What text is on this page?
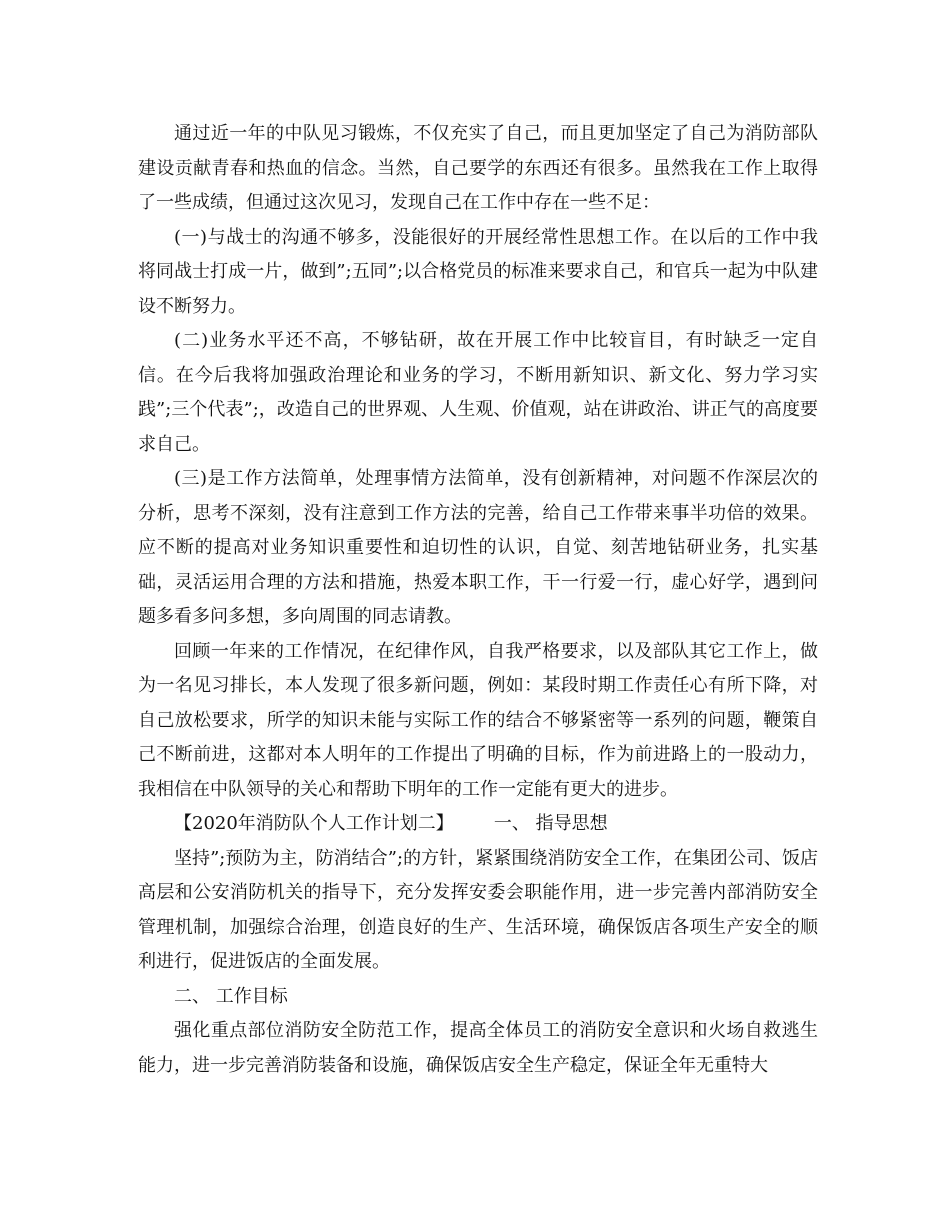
通过近一年的中队见习锻炼，不仅充实了自己，而且更加坚定了自己为消防部队建设贡献青春和热血的信念。当然，自己要学的东西还有很多。虽然我在工作上取得了一些成绩，但通过这次见习，发现自己在工作中存在一些不足：

(一)与战士的沟通不够多，没能很好的开展经常性思想工作。在以后的工作中我将同战士打成一片，做到”;五同”;以合格党员的标准来要求自己，和官兵一起为中队建设不断努力。

(二)业务水平还不高，不够钻研，故在开展工作中比较盲目，有时缺乏一定自信。在今后我将加强政治理论和业务的学习，不断用新知识、新文化、努力学习实践”;三个代表”;，改造自己的世界观、人生观、价值观，站在讲政治、讲正气的高度要求自己。

(三)是工作方法简单，处理事情方法简单，没有创新精神，对问题不作深层次的分析，思考不深刻，没有注意到工作方法的完善，给自己工作带来事半功倍的效果。应不断的提高对业务知识重要性和迫切性的认识，自觉、刻苦地钻研业务，扎实基础，灵活运用合理的方法和措施，热爱本职工作，干一行爱一行，虚心好学，遇到问题多看多问多想，多向周围的同志请教。

回顾一年来的工作情况，在纪律作风，自我严格要求，以及部队其它工作上，做为一名见习排长，本人发现了很多新问题，例如：某段时期工作责任心有所下降，对自己放松要求，所学的知识未能与实际工作的结合不够紧密等一系列的问题，鞭策自己不断前进，这都对本人明年的工作提出了明确的目标，作为前进路上的一股动力，我相信在中队领导的关心和帮助下明年的工作一定能有更大的进步。

【2020年消防队个人工作计划二】       一、 指导思想

坚持”;预防为主，防消结合”;的方针，紧紧围绕消防安全工作，在集团公司、饭店高层和公安消防机关的指导下，充分发挥安委会职能作用，进一步完善内部消防安全管理机制，加强综合治理，创造良好的生产、生活环境，确保饭店各项生产安全的顺利进行，促进饭店的全面发展。

二、 工作目标

强化重点部位消防安全防范工作，提高全体员工的消防安全意识和火场自救逃生能力，进一步完善消防装备和设施，确保饭店安全生产稳定，保证全年无重特大
